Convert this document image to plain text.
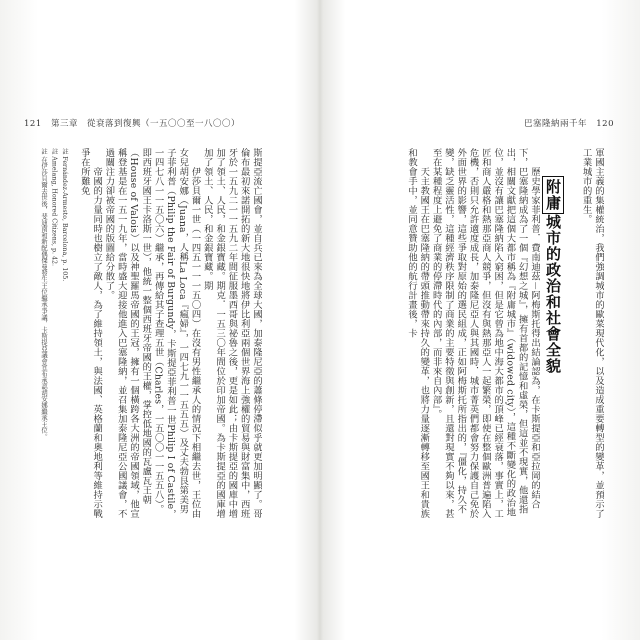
121 第三章　從衰落到復興（一五〇〇至一八〇〇）

斯提亞流亡國會，並自兵已來為全球大國，加泰隆尼亞的蕭條停滯似乎就更加明顯了。哥倫布最初來諾開拓的新大地很快地將伊比利亞兩個世界海上強權的貿易與財富集中，西班牙於一五九二一一五九二年間征服墨西哥與祕魯之後，更是如此；由卡斯提亞的國庫中增加了領土、人民，和金銀寶藏。期克．一五三〇年間位於印加帝國。為卡斯提亞的國庫增加了領土、人民，和金銀寶藏。期

伊莎貝爾一世（一四五一一一五〇四）在沒有男性繼承人的情況下相繼去世，王位由女兒胡安娜（Juana，人稱La Loca『瘋婦』，一四七九一一五五五）及丈夫勃艮第美男子菲利普（Philip the Fair of Burgundy，卡斯提亞菲利普一世Philip I of Castile，一四七八一一五〇六）繼承，再傳給其子查理五世（Charles，一五〇〇一一五五八）。即西班牙國王卡洛斯一世），他統一整個西班牙帝國的王權，掌控低地國的瓦盧瓦王朝（House of Valois）以及神聖羅馬帝國的王冠，擁有一個橫跨各大洲的帝國領域，他宣稱登基是在一五一九年，當時盛大迎接他進入巴塞隆納，並召集加泰隆尼亞公國議會，不過關注力卻被帝國的版圖給分散了。

帝國的力量同時也樹立了敵人，為了維持領土，與法國、英格蘭和奧地利等維持示戰爭在所難免

註 Fernández-Armesto, Barcelona, p. 105.

註 Amelang, Honored Citizens, p. 42.

註 在伊莎貝爾去世後，斐迪南和新配偶傑曼發生王位繼承爭議，卡斯提亞議會宣布承認胡安娜繼承王位。

巴塞隆納兩千年 120

軍國主義的集權統治，我們強調城市的歐菜現代化，以及造成重要轉型的變革，並預示了工業城市的重生。

附庸城市的政治和社會全貌

歷史學家菲利普．費南迪茲－阿梅斯托得出結論認為，在卡斯提亞和亞拉岡的結合下，巴塞隆納成為了一個『幻想之城』，擁有首都的記憶和虛榮，但這並不現實，他還指出，相關文獻把這個大都市稱為『附庸城市』（widowed city），這種不斷變化的政治地位，並沒有讓巴塞隆納陷入窮困，但是它曾為地中海大都市的頂峰已經衰落，事實上，工匠和商人嚴格和熱那亞商人競爭，但沒有與熱那亞人一起繁榮，即使在整個歐洲普遍陷入危機，否則只允許適度成長，加泰隆尼亞人與其國時．城市菁英們都會努力保護自己免於外面世界的影響，這些爭取對原始的選民組成，正如阿梅斯托所指出的，『僵化，持久不變，缺乏靈活性，這種經濟秩序限制了商業的主要特徵與創新，且還對現實不夠以來，甚至在某種程度上避免了商業的停滯時代的內部，而非來自內部』。

天主教國王在巴塞隆納的帶頭推動帶來持久的變革，也將力量逐漸轉移至國王和貴族和教會手中，並同意贊助他的航行計畫後，卡
